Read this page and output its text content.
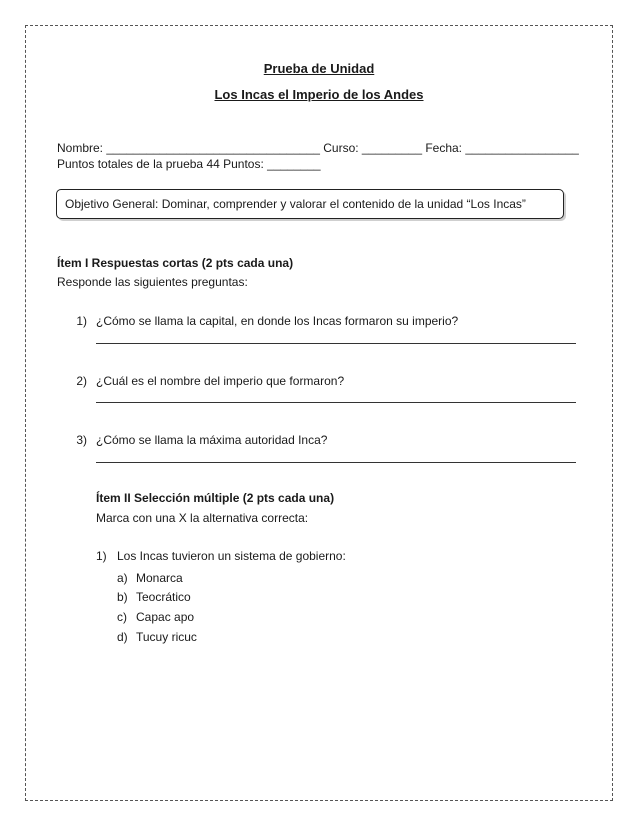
Prueba de Unidad
Los Incas el Imperio de los Andes
Nombre: ________________________________ Curso: _________ Fecha: _________________
Puntos totales de la prueba 44 Puntos: ________
Objetivo General: Dominar, comprender y valorar el contenido de la unidad “Los Incas”
Ítem I Respuestas cortas (2 pts cada una)
Responde las siguientes preguntas:
1) ¿Cómo se llama la capital, en donde los Incas formaron su imperio?
2) ¿Cuál es el nombre del imperio que formaron?
3) ¿Cómo se llama la máxima autoridad Inca?
Ítem II Selección múltiple (2 pts cada una)
Marca con una X la alternativa correcta:
1) Los Incas tuvieron un sistema de gobierno:
a) Monarca
b) Teocrático
c) Capac apo
d) Tucuy ricuc
